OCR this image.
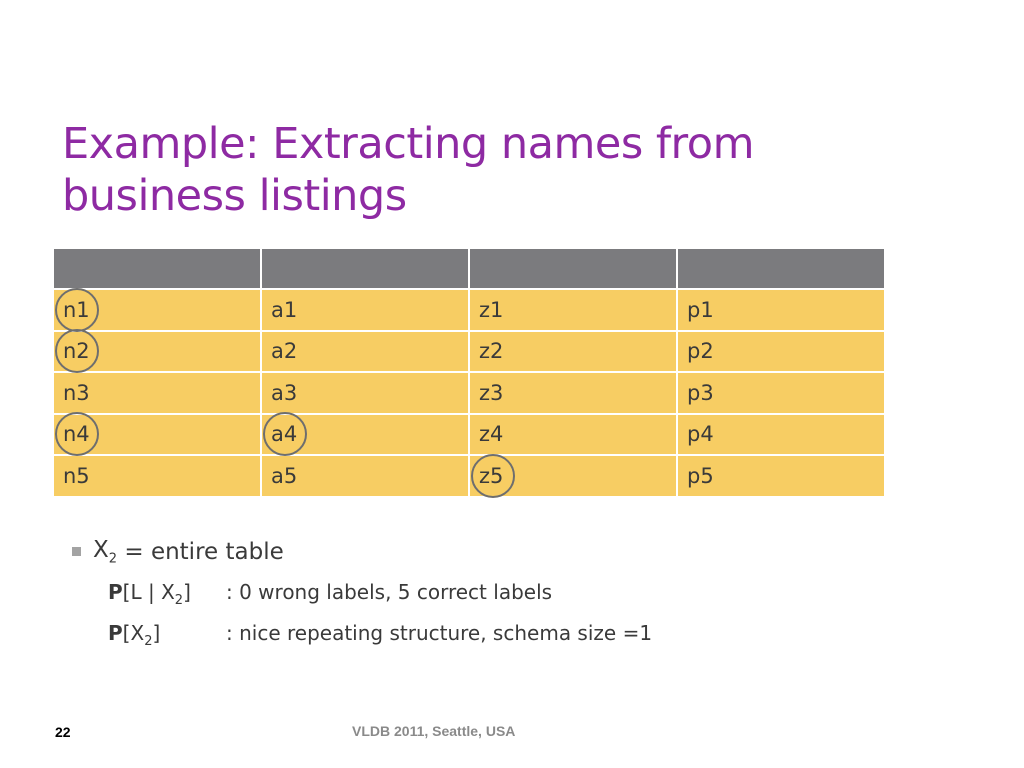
Example: Extracting names from
business listings

n1	a1	z1	p1
n2	a2	z2	p2
n3	a3	z3	p3
n4	a4	z4	p4
n5	a5	z5	p5
$X_2$ = entire table
P[L | $X_2$]	: 0 wrong labels, 5 correct labels
$P[X_2]$	: nice repeating structure, schema size =1
22	VLDB 2011, Seattle, USA
